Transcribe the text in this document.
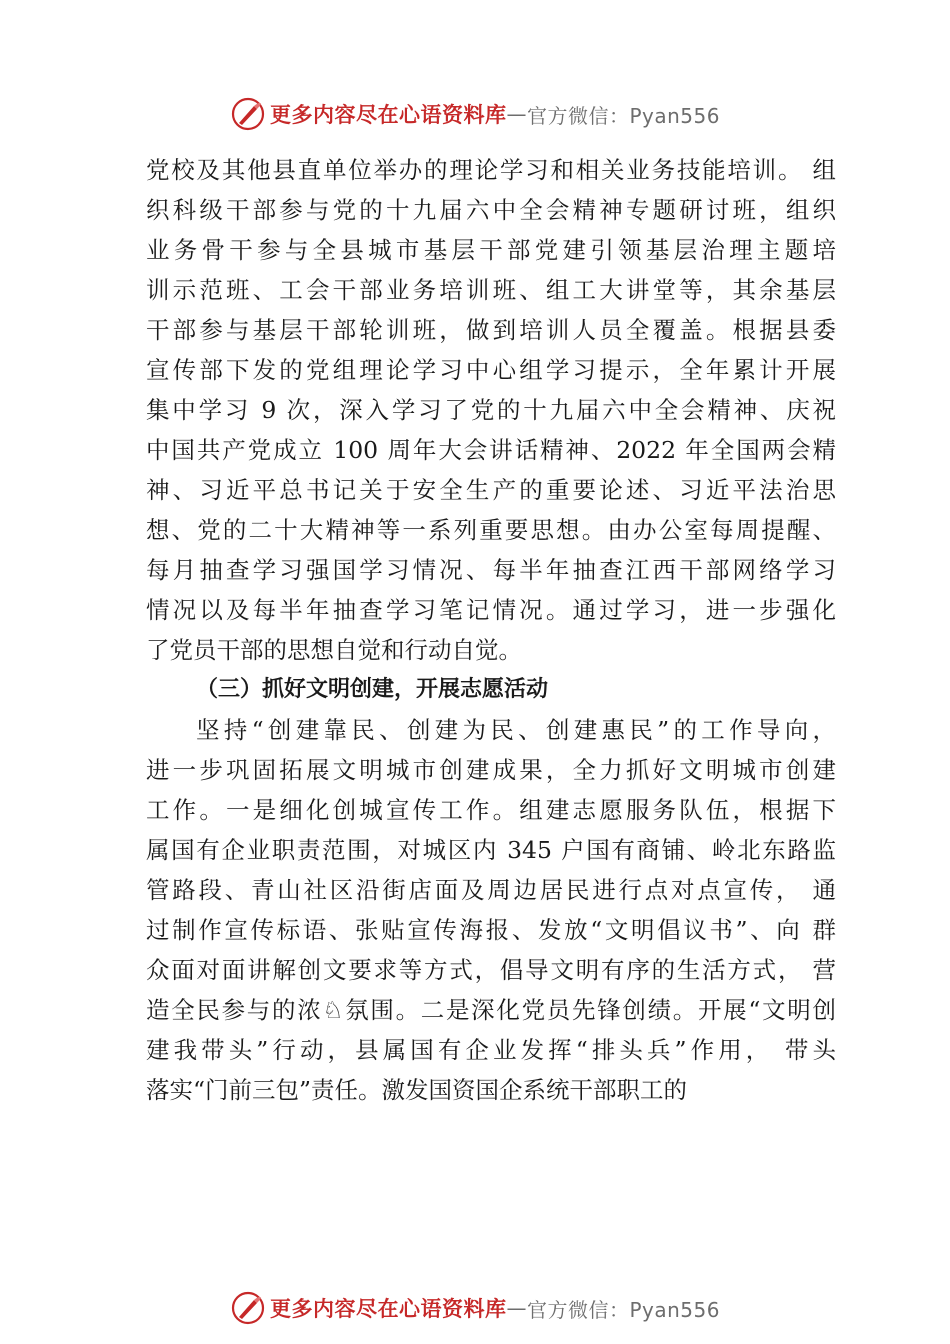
更多内容尽在心语资料库 — 官方微信：Pyan556
党校及其他县直单位举办的理论学习和相关业务技能培训。 组
织科级干部参与党的十九届六中全会精神专题研讨班，组织
业务骨干参与全县城市基层干部党建引领基层治理主题培
训示范班、工会干部业务培训班、组工大讲堂等，其余基层
干部参与基层干部轮训班，做到培训人员全覆盖。根据县委
宣传部下发的党组理论学习中心组学习提示，全年累计开展
集中学习 9 次，深入学习了党的十九届六中全会精神、庆祝
中国共产党成立 100 周年大会讲话精神、2022 年全国两会精
神、习近平总书记关于安全生产的重要论述、习近平法治思
想、党的二十大精神等一系列重要思想。由办公室每周提醒、
每月抽查学习强国学习情况、每半年抽查江西干部网络学习
情况以及每半年抽查学习笔记情况。通过学习，进一步强化
了党员干部的思想自觉和行动自觉。
（三）抓好文明创建，开展志愿活动
坚持“创建靠民、创建为民、创建惠民”的工作导向，
进一步巩固拓展文明城市创建成果，全力抓好文明城市创建
工作。一是细化创城宣传工作。组建志愿服务队伍，根据下
属国有企业职责范围，对城区内 345 户国有商铺、岭北东路监
管路段、青山社区沿街店面及周边居民进行点对点宣传， 通
过制作宣传标语、张贴宣传海报、发放“文明倡议书”、向 群
众面对面讲解创文要求等方式，倡导文明有序的生活方式， 营
造全民参与的浓♘氛围。二是深化党员先锋创绩。开展“文明创
建我带头”行动，县属国有企业发挥“排头兵”作用， 带头
落实“门前三包”责任。激发国资国企系统干部职工的
更多内容尽在心语资料库 — 官方微信：Pyan556
